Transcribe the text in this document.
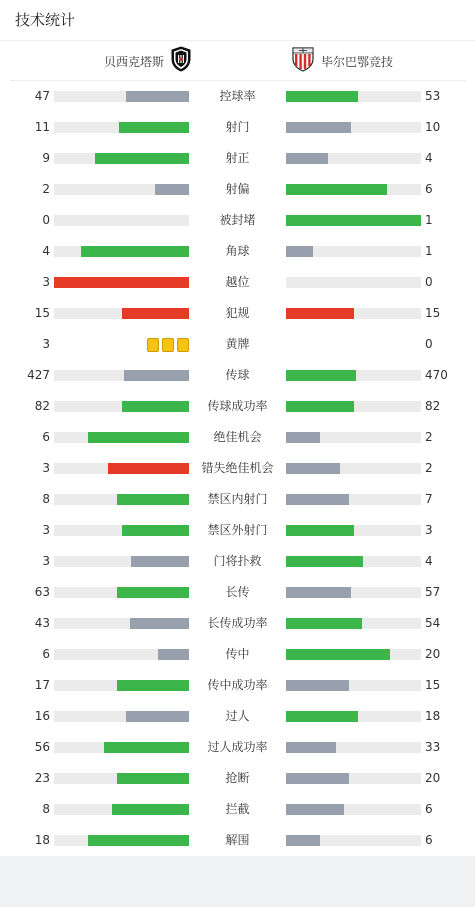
技术统计
贝西克塔斯	毕尔巴鄂竞技
47	控球率	53
11	射门	10
9	射正	4
2	射偏	6
0	被封堵	1
4	角球	1
3	越位	0
15	犯规	15
3	黄牌	0
427	传球	470
82	传球成功率	82
6	绝佳机会	2
3	错失绝佳机会	2
8	禁区内射门	7
3	禁区外射门	3
3	门将扑救	4
63	长传	57
43	长传成功率	54
6	传中	20
17	传中成功率	15
16	过人	18
56	过人成功率	33
23	抢断	20
8	拦截	6
18	解围	6
